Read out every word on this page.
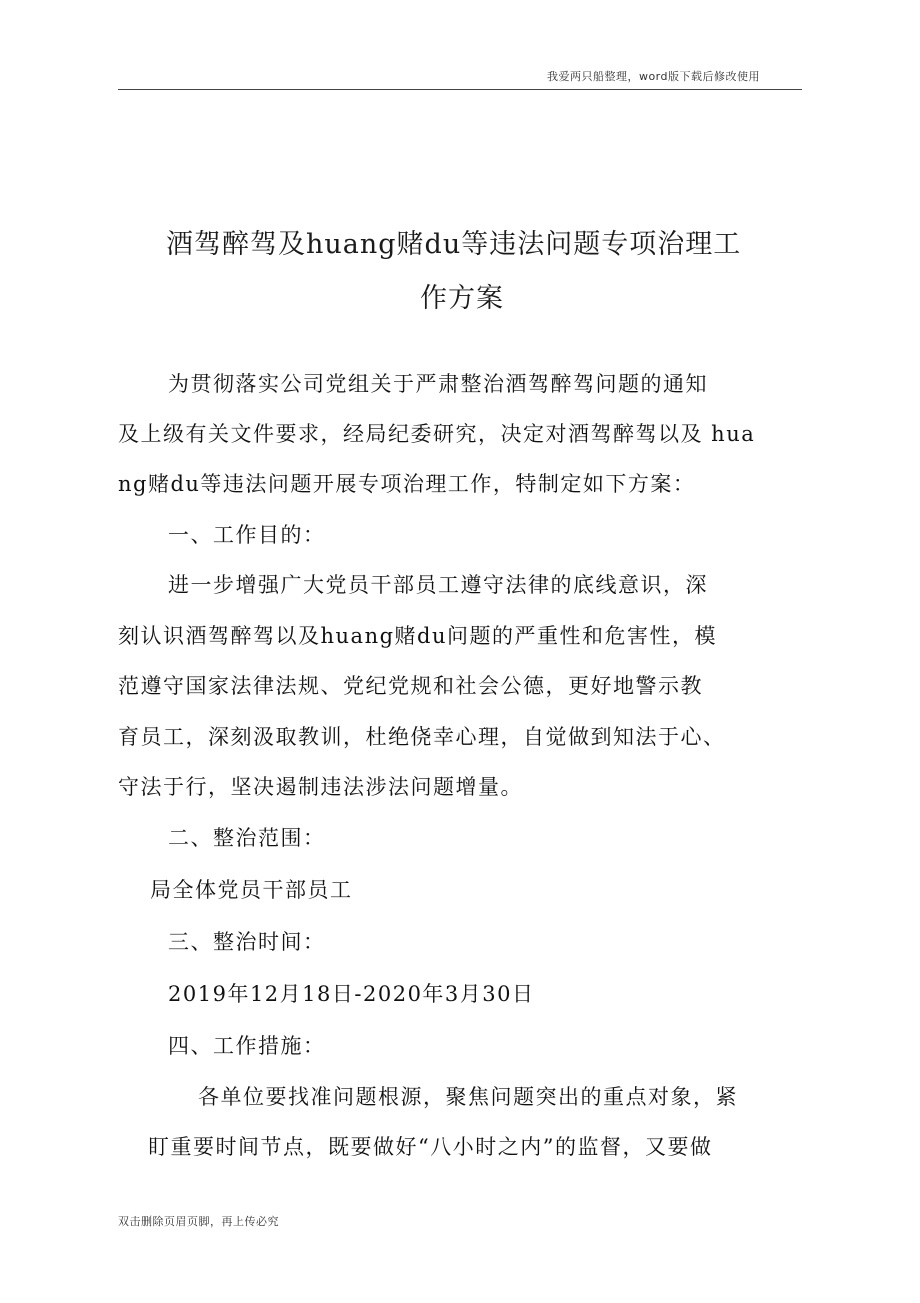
我爱两只船整理，word版下载后修改使用
酒驾醉驾及huang赌du等违法问题专项治理工
作方案
为贯彻落实公司党组关于严肃整治酒驾醉驾问题的通知
及上级有关文件要求，经局纪委研究，决定对酒驾醉驾以及 hua
ng赌du等违法问题开展专项治理工作，特制定如下方案：
一、工作目的：
进一步增强广大党员干部员工遵守法律的底线意识，深
刻认识酒驾醉驾以及huang赌du问题的严重性和危害性，模
范遵守国家法律法规、党纪党规和社会公德，更好地警示教
育员工，深刻汲取教训，杜绝侥幸心理，自觉做到知法于心、
守法于行，坚决遏制违法涉法问题增量。
二、整治范围：
局全体党员干部员工
三、整治时间：
2019年12月18日-2020年3月30日
四、工作措施：
各单位要找准问题根源，聚焦问题突出的重点对象，紧
盯重要时间节点，既要做好“八小时之内”的监督，又要做
双击删除页眉页脚，再上传必究
